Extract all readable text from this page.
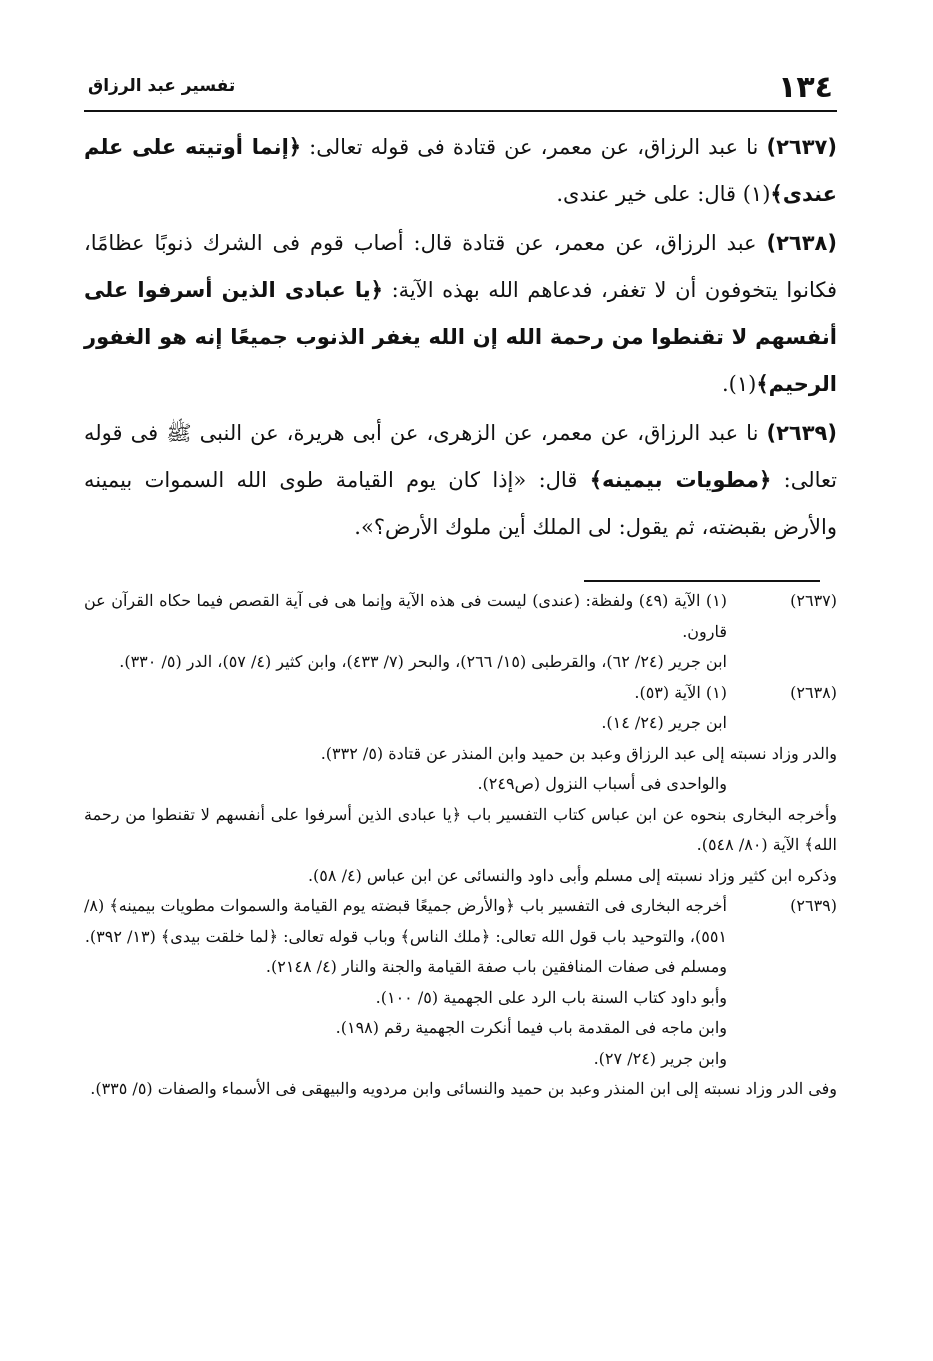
١٣٤
تفسير عبد الرزاق

(٢٦٣٧) نا عبد الرزاق، عن معمر، عن قتادة فى قوله تعالى: ﴿إنما أوتيته على علم عندى﴾(١) قال: على خير عندى.

(٢٦٣٨) عبد الرزاق، عن معمر، عن قتادة قال: أصاب قوم فى الشرك ذنوبًا عظامًا، فكانوا يتخوفون أن لا تغفر، فدعاهم الله بهذه الآية: ﴿يا عبادى الذين أسرفوا على أنفسهم لا تقنطوا من رحمة الله إن الله يغفر الذنوب جميعًا إنه هو الغفور الرحيم﴾(١).

(٢٦٣٩) نا عبد الرزاق، عن معمر، عن الزهرى، عن أبى هريرة، عن النبى ﷺ فى قوله تعالى: ﴿مطويات بيمينه﴾ قال: «إذا كان يوم القيامة طوى الله السموات بيمينه والأرض بقبضته، ثم يقول: لى الملك أين ملوك الأرض؟».

(٢٦٣٧)
(١) الآية (٤٩) ولفظة: (عندى) ليست فى هذه الآية وإنما هى فى آية القصص فيما حكاه القرآن عن قارون.
ابن جرير (٢٤/ ٦٢)، والقرطبى (١٥/ ٢٦٦)، والبحر (٧/ ٤٣٣)، وابن كثير (٤/ ٥٧)، الدر (٥/ ٣٣٠).
(٢٦٣٨)
(١) الآية (٥٣).
ابن جرير (٢٤/ ١٤).
والدر وزاد نسبته إلى عبد الرزاق وعبد بن حميد وابن المنذر عن قتادة (٥/ ٣٣٢).
والواحدى فى أسباب النزول (ص٢٤٩).
وأخرجه البخارى بنحوه عن ابن عباس كتاب التفسير باب ﴿يا عبادى الذين أسرفوا على أنفسهم لا تقنطوا من رحمة الله﴾ الآية (٨٠/ ٥٤٨).
وذكره ابن كثير وزاد نسبته إلى مسلم وأبى داود والنسائى عن ابن عباس (٤/ ٥٨).
(٢٦٣٩)
أخرجه البخارى فى التفسير باب ﴿والأرض جميعًا قبضته يوم القيامة والسموات مطويات بيمينه﴾ (٨/ ٥٥١)، والتوحيد باب قول الله تعالى: ﴿ملك الناس﴾ وباب قوله تعالى: ﴿لما خلقت بيدى﴾ (١٣/ ٣٩٢).
ومسلم فى صفات المنافقين باب صفة القيامة والجنة والنار (٤/ ٢١٤٨).
وأبو داود كتاب السنة باب الرد على الجهمية (٥/ ١٠٠).
وابن ماجه فى المقدمة باب فيما أنكرت الجهمية رقم (١٩٨).
وابن جرير (٢٤/ ٢٧).
وفى الدر وزاد نسبته إلى ابن المنذر وعبد بن حميد والنسائى وابن مردويه والبيهقى فى الأسماء والصفات (٥/ ٣٣٥).
